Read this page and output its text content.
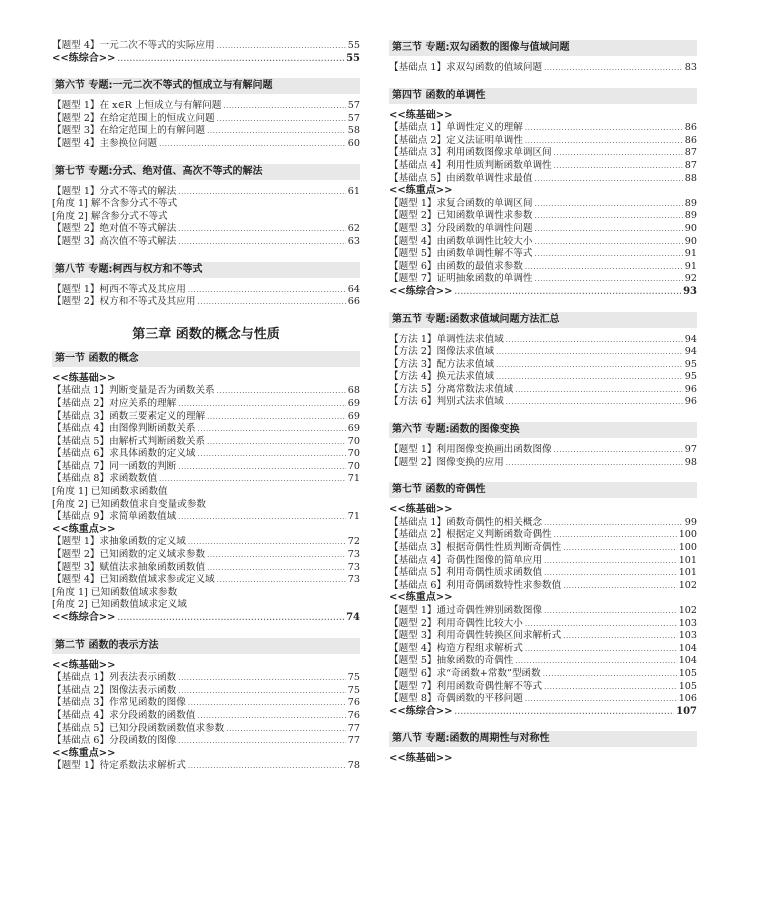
【题型 4】一元二次不等式的实际应用 .....	55
<<练综合>> .....	55
第六节 专题:一元二次不等式的恒成立与有解问题
【题型 1】在 x∈R 上恒成立与有解问题 .....	57
【题型 2】在给定范围上的恒成立问题 .....	57
【题型 3】在给定范围上的有解问题 .....	58
【题型 4】主参换位问题 .....	60
第七节 专题:分式、绝对值、高次不等式的解法
【题型 1】分式不等式的解法 .....	61
[角度 1] 解不含参分式不等式
[角度 2] 解含参分式不等式
【题型 2】绝对值不等式解法 .....	62
【题型 3】高次值不等式解法 .....	63
第八节 专题:柯西与权方和不等式
【题型 1】柯西不等式及其应用 .....	64
【题型 2】权方和不等式及其应用 .....	66
第三章 函数的概念与性质
第一节 函数的概念
<<练基础>>
【基础点 1】判断变量是否为函数关系 .....	68
【基础点 2】对应关系的理解 .....	69
【基础点 3】函数三要素定义的理解 .....	69
【基础点 4】由图像判断函数关系 .....	69
【基础点 5】由解析式判断函数关系 .....	70
【基础点 6】求具体函数的定义域 .....	70
【基础点 7】同一函数的判断 .....	70
【基础点 8】求函数数值 .....	71
[角度 1] 已知函数求函数值
[角度 2] 已知函数值求自变量或参数
【基础点 9】求简单函数值域 .....	71
<<练重点>>
【题型 1】求抽象函数的定义域 .....	72
【题型 2】已知函数的定义域求参数 .....	73
【题型 3】赋值法求抽象函数函数值 .....	73
【题型 4】已知函数值域求参或定义域 .....	73
[角度 1] 已知函数值域求参数
[角度 2] 已知函数值域求定义域
<<练综合>> .....	74
第二节 函数的表示方法
<<练基础>>
【基础点 1】列表法表示函数 .....	75
【基础点 2】图像法表示函数 .....	75
【基础点 3】作常见函数的图像 .....	76
【基础点 4】求分段函数的函数值 .....	76
【基础点 5】已知分段函数函数值求参数 .....	77
【基础点 6】分段函数的图像 .....	77
<<练重点>>
【题型 1】待定系数法求解析式 .....	78
第三节 专题:双勾函数的图像与值域问题
【基础点 1】求双勾函数的值域问题 .....	83
第四节 函数的单调性
<<练基础>>
【基础点 1】单调性定义的理解 .....	86
【基础点 2】定义法证明单调性 .....	86
【基础点 3】利用函数图像求单调区间 .....	87
【基础点 4】利用性质判断函数单调性 .....	87
【基础点 5】由函数单调性求最值 .....	88
<<练重点>>
【题型 1】求复合函数的单调区间 .....	89
【题型 2】已知函数单调性求参数 .....	89
【题型 3】分段函数的单调性问题 .....	90
【题型 4】由函数单调性比较大小 .....	90
【题型 5】由函数单调性解不等式 .....	91
【题型 6】由函数的最值求参数 .....	91
【题型 7】证明抽象函数的单调性 .....	92
<<练综合>> .....	93
第五节 专题:函数求值域问题方法汇总
【方法 1】单调性法求值域 .....	94
【方法 2】图像法求值域 .....	94
【方法 3】配方法求值域 .....	95
【方法 4】换元法求值域 .....	95
【方法 5】分离常数法求值域 .....	96
【方法 6】判别式法求值域 .....	96
第六节 专题:函数的图像变换
【题型 1】利用图像变换画出函数图像 .....	97
【题型 2】图像变换的应用 .....	98
第七节 函数的奇偶性
<<练基础>>
【基础点 1】函数奇偶性的相关概念 .....	99
【基础点 2】根据定义判断函数奇偶性 .....	100
【基础点 3】根据奇偶性性质判断奇偶性 .....	100
【基础点 4】奇偶性图像的简单应用 .....	101
【基础点 5】利用奇偶性质求函数值 .....	101
【基础点 6】利用奇偶函数特性求参数值 .....	102
<<练重点>>
【题型 1】通过奇偶性辨别函数图像 .....	102
【题型 2】利用奇偶性比较大小 .....	103
【题型 3】利用奇偶性转换区间求解析式 .....	103
【题型 4】构造方程组求解析式 .....	104
【题型 5】抽象函数的奇偶性 .....	104
【题型 6】求“奇函数+常数”型函数 .....	105
【题型 7】利用函数奇偶性解不等式 .....	105
【题型 8】奇偶函数的平移问题 .....	106
<<练综合>> .....	107
第八节 专题:函数的周期性与对称性
<<练基础>>
